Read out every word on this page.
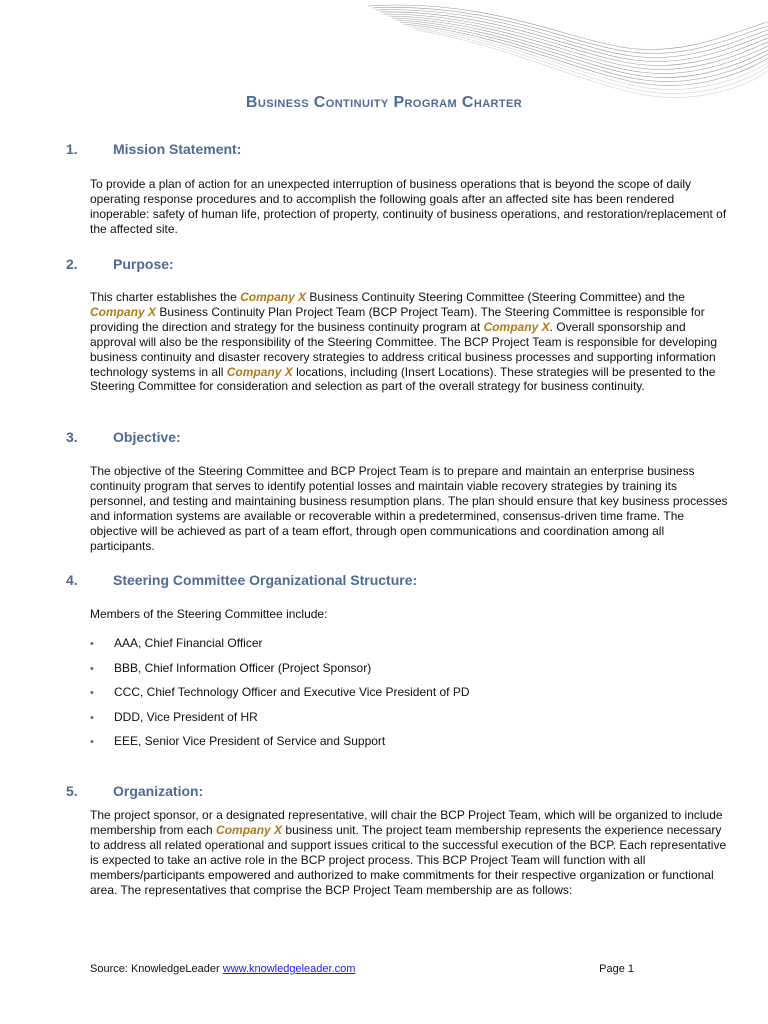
Business Continuity Program Charter
1.	Mission Statement:

To provide a plan of action for an unexpected interruption of business operations that is beyond the scope of daily operating response procedures and to accomplish the following goals after an affected site has been rendered inoperable: safety of human life, protection of property, continuity of business operations, and restoration/replacement of the affected site.

2.	Purpose:

This charter establishes the Company X Business Continuity Steering Committee (Steering Committee) and the Company X Business Continuity Plan Project Team (BCP Project Team). The Steering Committee is responsible for providing the direction and strategy for the business continuity program at Company X. Overall sponsorship and approval will also be the responsibility of the Steering Committee. The BCP Project Team is responsible for developing business continuity and disaster recovery strategies to address critical business processes and supporting information technology systems in all Company X locations, including (Insert Locations). These strategies will be presented to the Steering Committee for consideration and selection as part of the overall strategy for business continuity.

3.	Objective:

The objective of the Steering Committee and BCP Project Team is to prepare and maintain an enterprise business continuity program that serves to identify potential losses and maintain viable recovery strategies by training its personnel, and testing and maintaining business resumption plans. The plan should ensure that key business processes and information systems are available or recoverable within a predetermined, consensus-driven time frame. The objective will be achieved as part of a team effort, through open communications and coordination among all participants.

4.	Steering Committee Organizational Structure:

Members of the Steering Committee include:

• AAA, Chief Financial Officer
• BBB, Chief Information Officer (Project Sponsor)
• CCC, Chief Technology Officer and Executive Vice President of PD
• DDD, Vice President of HR
• EEE, Senior Vice President of Service and Support
5.	Organization:

The project sponsor, or a designated representative, will chair the BCP Project Team, which will be organized to include membership from each Company X business unit. The project team membership represents the experience necessary to address all related operational and support issues critical to the successful execution of the BCP. Each representative is expected to take an active role in the BCP project process. This BCP Project Team will function with all members/participants empowered and authorized to make commitments for their respective organization or functional area. The representatives that comprise the BCP Project Team membership are as follows:

Source: KnowledgeLeader www.knowledgeleader.com	Page 1
